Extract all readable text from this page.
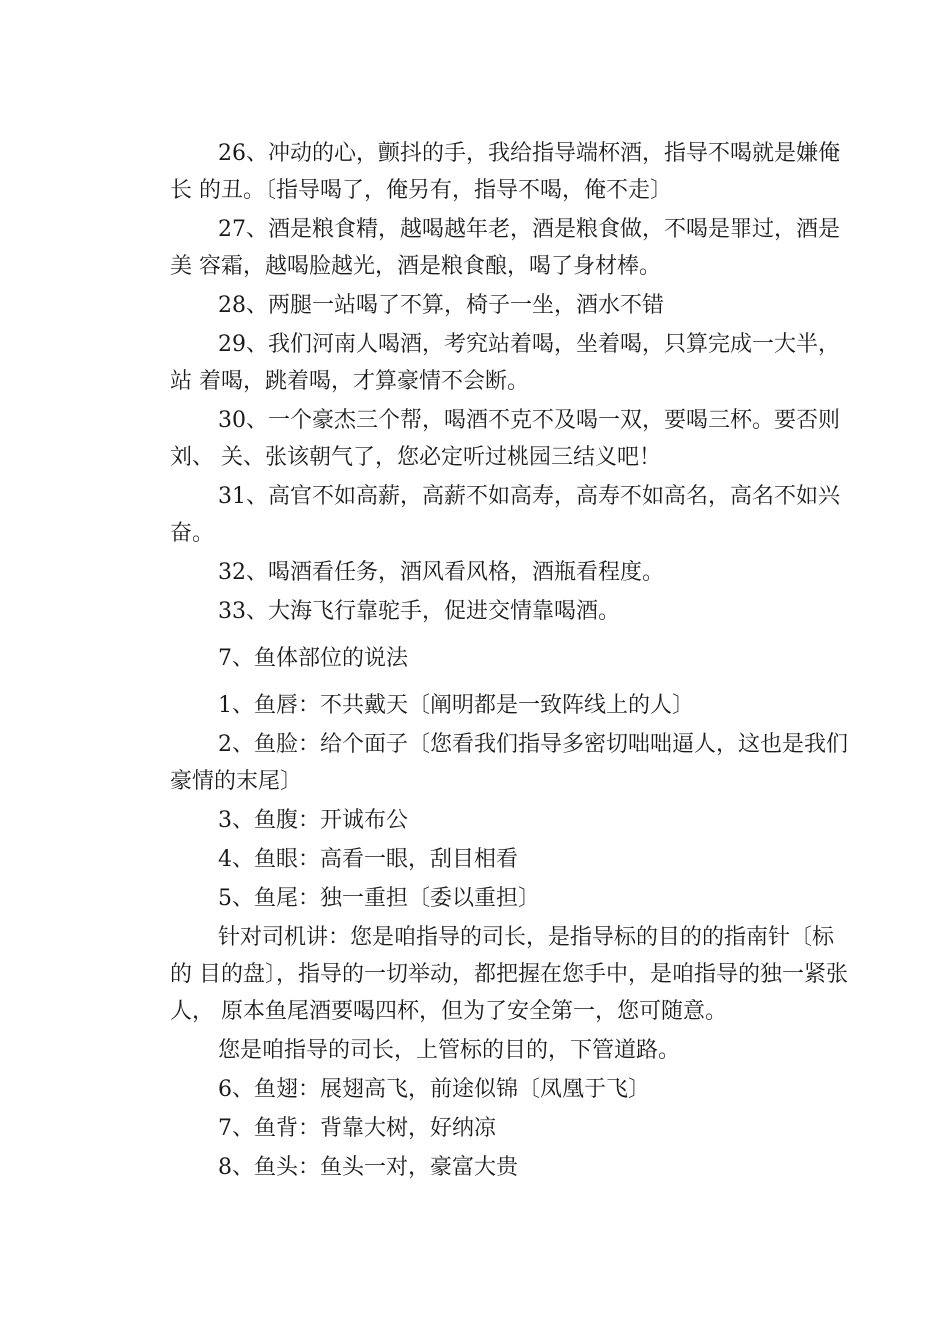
26、冲动的心，颤抖的手，我给指导端杯酒，指导不喝就是嫌俺长 的丑。〔指导喝了，俺另有，指导不喝，俺不走〕

27、酒是粮食精，越喝越年老，酒是粮食做，不喝是罪过，酒是美 容霜，越喝脸越光，酒是粮食酿，喝了身材棒。

28、两腿一站喝了不算，椅子一坐，酒水不错

29、我们河南人喝酒，考究站着喝，坐着喝，只算完成一大半，站 着喝，跳着喝，才算豪情不会断。

30、一个豪杰三个帮，喝酒不克不及喝一双，要喝三杯。要否则刘、 关、张该朝气了，您必定听过桃园三结义吧！

31、高官不如高薪，高薪不如高寿，高寿不如高名，高名不如兴奋。

32、喝酒看任务，酒风看风格，酒瓶看程度。

33、大海飞行靠驼手，促进交情靠喝酒。

7、鱼体部位的说法

1、鱼唇：不共戴天〔阐明都是一致阵线上的人〕

2、鱼脸：给个面子〔您看我们指导多密切咄咄逼人，这也是我们 豪情的末尾〕

3、鱼腹：开诚布公

4、鱼眼：高看一眼，刮目相看

5、鱼尾：独一重担〔委以重担〕

针对司机讲：您是咱指导的司长，是指导标的目的的指南针〔标的 目的盘〕，指导的一切举动，都把握在您手中，是咱指导的独一紧张人， 原本鱼尾酒要喝四杯，但为了安全第一，您可随意。

您是咱指导的司长，上管标的目的，下管道路。

6、鱼翅：展翅高飞，前途似锦〔凤凰于飞〕

7、鱼背：背靠大树，好纳凉

8、鱼头：鱼头一对，豪富大贵
